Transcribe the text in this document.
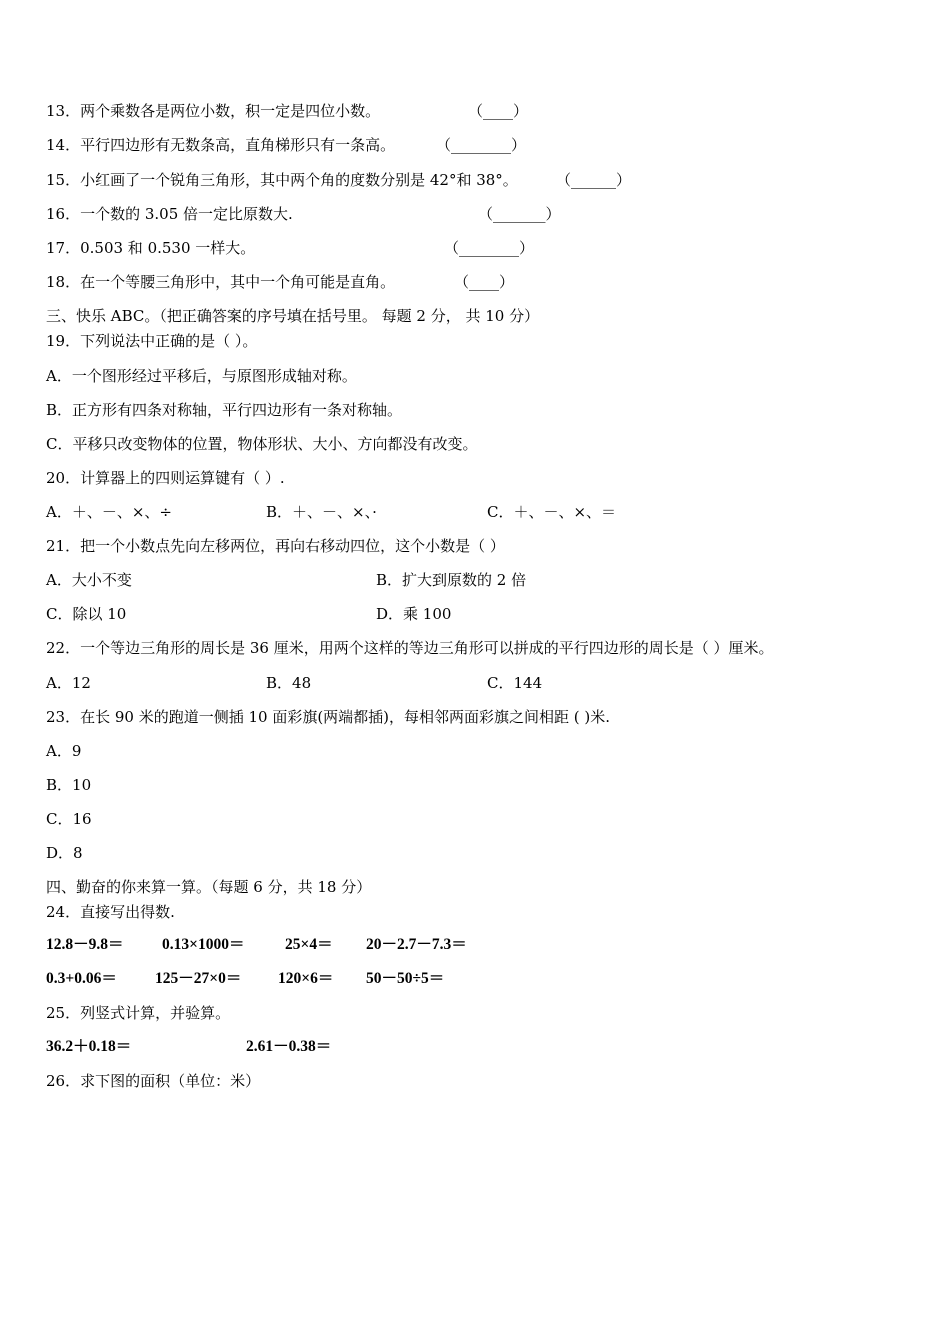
13．两个乘数各是两位小数，积一定是四位小数。	（____）
14．平行四边形有无数条高，直角梯形只有一条高。	（________）
15．小红画了一个锐角三角形，其中两个角的度数分别是 42°和 38°。	（______）
16．一个数的 3.05 倍一定比原数大.	（_______）
17．0.503 和 0.530 一样大。	（________）
18．在一个等腰三角形中，其中一个角可能是直角。	（____）
三、快乐 ABC。（把正确答案的序号填在括号里。 每题 2 分， 共 10 分）
19．下列说法中正确的是（ ）。
A．一个图形经过平移后，与原图形成轴对称。
B．正方形有四条对称轴，平行四边形有一条对称轴。
C．平移只改变物体的位置，物体形状、大小、方向都没有改变。
20．计算器上的四则运算键有（ ）.
A．＋、－、×、÷	B．＋、－、×、·	C．＋、－、×、＝
21．把一个小数点先向左移两位，再向右移动四位，这个小数是（ ）
A．大小不变	B．扩大到原数的 2 倍
C．除以 10	D．乘 100
22．一个等边三角形的周长是 36 厘米，用两个这样的等边三角形可以拼成的平行四边形的周长是（ ）厘米。
A．12	B．48	C．144
23．在长 90 米的跑道一侧插 10 面彩旗(两端都插)，每相邻两面彩旗之间相距 ( )米.
A．9
B．10
C．16
D．8
四、勤奋的你来算一算。（每题 6 分，共 18 分）
24．直接写出得数.
12.8－9.8＝ 0.13×1000＝	25×4＝ 20－2.7－7.3＝
0.3+0.06＝ 125－27×0＝ 120×6＝ 50－50÷5＝
25．列竖式计算，并验算。
36.2＋0.18＝	2.61－0.38＝
26．求下图的面积（单位：米）
